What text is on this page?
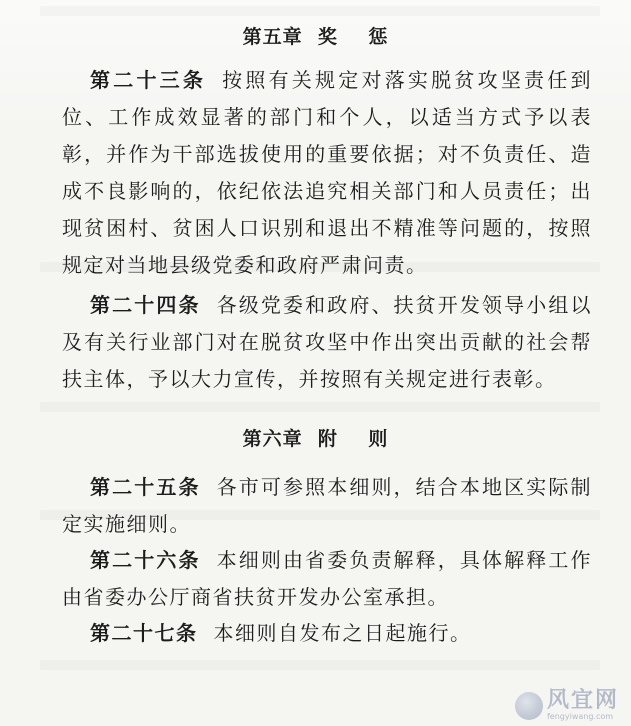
第五章  奖    惩

第二十三条 按照有关规定对落实脱贫攻坚责任到位、工作成效显著的部门和个人，以适当方式予以表彰，并作为干部选拔使用的重要依据；对不负责任、造成不良影响的，依纪依法追究相关部门和人员责任；出现贫困村、贫困人口识别和退出不精准等问题的，按照规定对当地县级党委和政府严肃问责。

第二十四条 各级党委和政府、扶贫开发领导小组以及有关行业部门对在脱贫攻坚中作出突出贡献的社会帮扶主体，予以大力宣传，并按照有关规定进行表彰。

第六章  附    则

第二十五条 各市可参照本细则，结合本地区实际制定实施细则。

第二十六条 本细则由省委负责解释，具体解释工作由省委办公厅商省扶贫开发办公室承担。

第二十七条 本细则自发布之日起施行。

风宜网
fengyiwang.com
